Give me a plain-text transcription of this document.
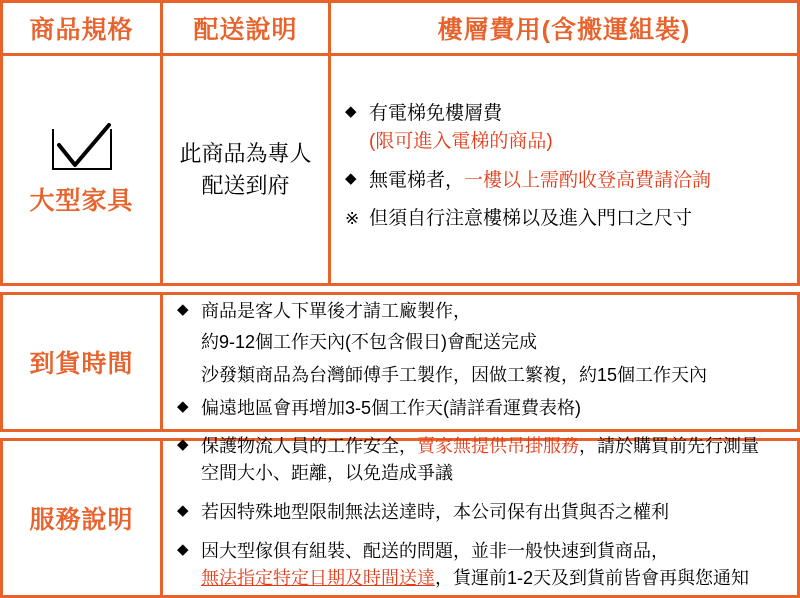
商品規格	配送說明	樓層費用(含搬運組裝)
大型家具
此商品為專人配送到府
◆ 有電梯免樓層費
(限可進入電梯的商品)
◆ 無電梯者，一樓以上需酌收登高費請洽詢
※ 但須自行注意樓梯以及進入門口之尺寸
到貨時間
◆ 商品是客人下單後才請工廠製作，
約9-12個工作天內(不包含假日)會配送完成
沙發類商品為台灣師傅手工製作，因做工繁複，約15個工作天內
◆ 偏遠地區會再增加3-5個工作天(請詳看運費表格)
服務說明
◆ 保護物流人員的工作安全，賣家無提供吊掛服務，請於購買前先行測量
空間大小、距離，以免造成爭議
◆ 若因特殊地型限制無法送達時，本公司保有出貨與否之權利
◆ 因大型傢俱有組裝、配送的問題，並非一般快速到貨商品，
無法指定特定日期及時間送達，貨運前1-2天及到貨前皆會再與您通知
